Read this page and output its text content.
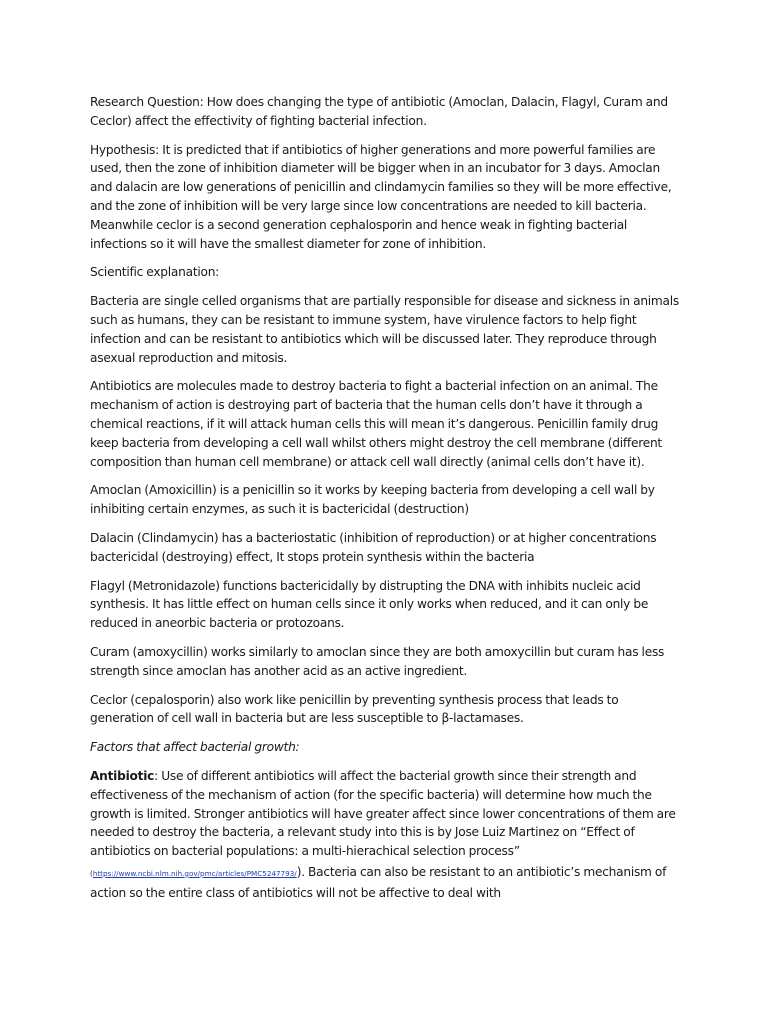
Research Question: How does changing the type of antibiotic (Amoclan, Dalacin, Flagyl, Curam and Ceclor) affect the effectivity of fighting bacterial infection.

Hypothesis: It is predicted that if antibiotics of higher generations and more powerful families are used, then the zone of inhibition diameter will be bigger when in an incubator for 3 days. Amoclan and dalacin are low generations of penicillin and clindamycin families so they will be more effective, and the zone of inhibition will be very large since low concentrations are needed to kill bacteria. Meanwhile ceclor is a second generation cephalosporin and hence weak in fighting bacterial infections so it will have the smallest diameter for zone of inhibition.

Scientific explanation:

Bacteria are single celled organisms that are partially responsible for disease and sickness in animals such as humans, they can be resistant to immune system, have virulence factors to help fight infection and can be resistant to antibiotics which will be discussed later. They reproduce through asexual reproduction and mitosis.

Antibiotics are molecules made to destroy bacteria to fight a bacterial infection on an animal. The mechanism of action is destroying part of bacteria that the human cells don’t have it through a chemical reactions, if it will attack human cells this will mean it’s dangerous. Penicillin family drug keep bacteria from developing a cell wall whilst others might destroy the cell membrane (different composition than human cell membrane) or attack cell wall directly (animal cells don’t have it).

Amoclan (Amoxicillin) is a penicillin so it works by keeping bacteria from developing a cell wall by inhibiting certain enzymes, as such it is bactericidal (destruction)

Dalacin (Clindamycin) has a bacteriostatic (inhibition of reproduction) or at higher concentrations bactericidal (destroying) effect, It stops protein synthesis within the bacteria

Flagyl (Metronidazole) functions bactericidally by distrupting the DNA with inhibits nucleic acid synthesis. It has little effect on human cells since it only works when reduced, and it can only be reduced in aneorbic bacteria or protozoans.

Curam (amoxycillin) works similarly to amoclan since they are both amoxycillin but curam has less strength since amoclan has another acid as an active ingredient.

Ceclor (cepalosporin) also work like penicillin by preventing synthesis process that leads to generation of cell wall in bacteria but are less susceptible to β-lactamases.

Factors that affect bacterial growth:

Antibiotic: Use of different antibiotics will affect the bacterial growth since their strength and effectiveness of the mechanism of action (for the specific bacteria) will determine how much the growth is limited. Stronger antibiotics will have greater affect since lower concentrations of them are needed to destroy the bacteria, a relevant study into this is by Jose Luiz Martinez on “Effect of antibiotics on bacterial populations: a multi-hierachical selection process” (https://www.ncbi.nlm.nih.gov/pmc/articles/PMC5247793/). Bacteria can also be resistant to an antibiotic’s mechanism of action so the entire class of antibiotics will not be affective to deal with
